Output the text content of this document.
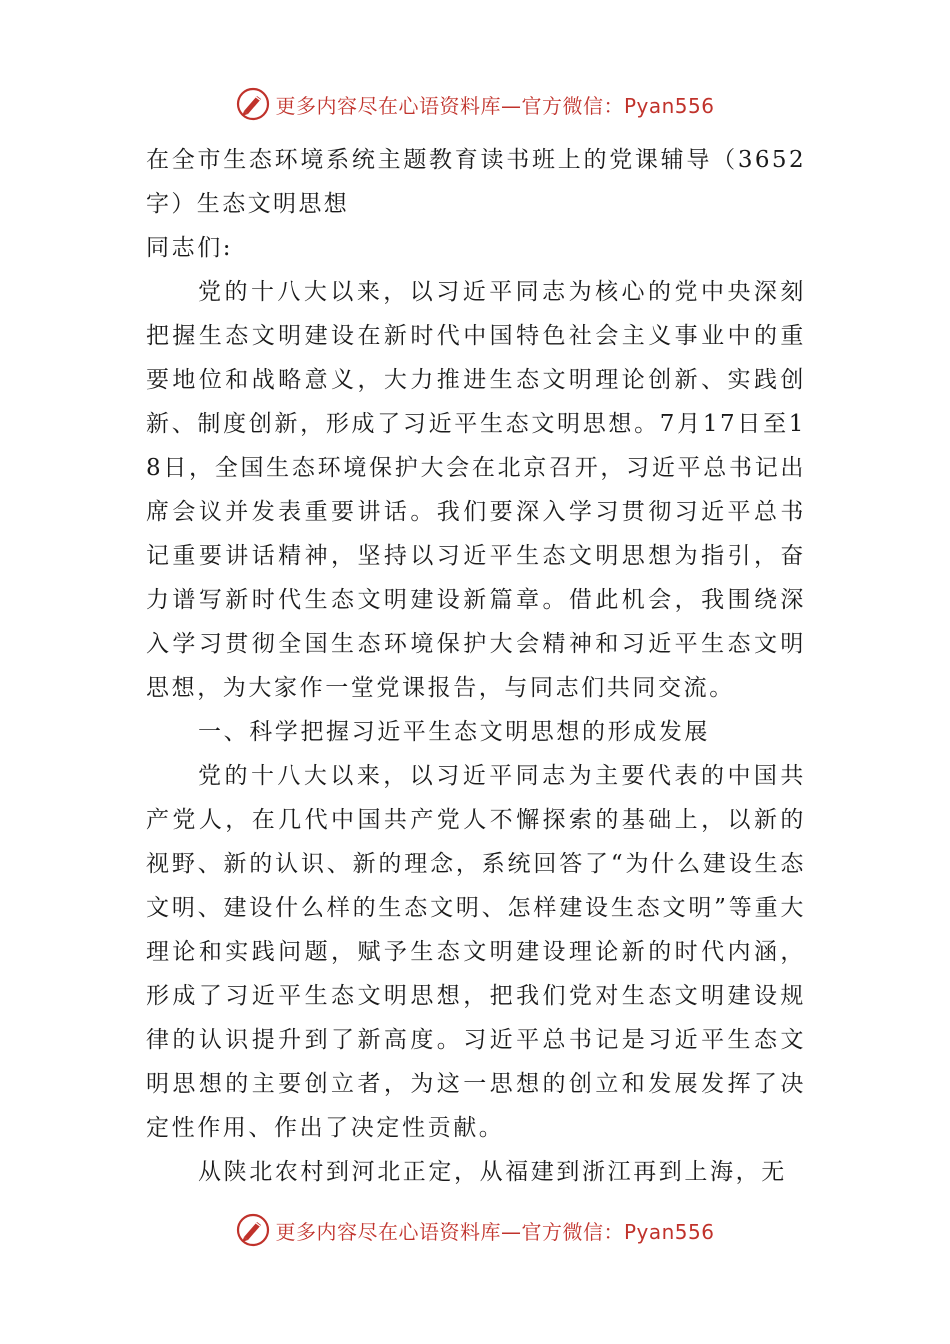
更多内容尽在心语资料库—官方微信：Pyan556

在全市生态环境系统主题教育读书班上的党课辅导（3652字）生态文明思想

同志们:

党的十八大以来，以习近平同志为核心的党中央深刻把握生态文明建设在新时代中国特色社会主义事业中的重要地位和战略意义，大力推进生态文明理论创新、实践创新、制度创新，形成了习近平生态文明思想。7月17日至18日，全国生态环境保护大会在北京召开，习近平总书记出席会议并发表重要讲话。我们要深入学习贯彻习近平总书记重要讲话精神，坚持以习近平生态文明思想为指引，奋力谱写新时代生态文明建设新篇章。借此机会，我围绕深入学习贯彻全国生态环境保护大会精神和习近平生态文明思想，为大家作一堂党课报告，与同志们共同交流。

一、科学把握习近平生态文明思想的形成发展

党的十八大以来，以习近平同志为主要代表的中国共产党人，在几代中国共产党人不懈探索的基础上，以新的视野、新的认识、新的理念，系统回答了“为什么建设生态文明、建设什么样的生态文明、怎样建设生态文明”等重大理论和实践问题，赋予生态文明建设理论新的时代内涵，形成了习近平生态文明思想，把我们党对生态文明建设规律的认识提升到了新高度。习近平总书记是习近平生态文明思想的主要创立者，为这一思想的创立和发展发挥了决定性作用、作出了决定性贡献。

从陕北农村到河北正定，从福建到浙江再到上海，无

更多内容尽在心语资料库—官方微信：Pyan556
